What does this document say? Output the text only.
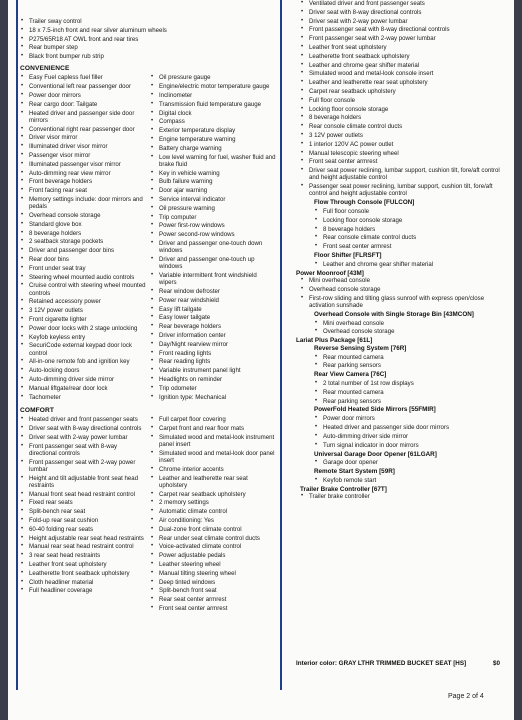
• Trailer sway control
• 18 x 7.5-inch front and rear silver aluminum wheels
• P275/65R18 AT OWL front and rear tires
• Rear bumper step
• Black front bumper rub strip
CONVENIENCE
• Easy Fuel capless fuel filler
• Conventional left rear passenger door
• Power door mirrors
• Rear cargo door: Tailgate
• Heated driver and passenger side door mirrors
• Conventional right rear passenger door
• Driver visor mirror
• Illuminated driver visor mirror
• Passenger visor mirror
• Illuminated passenger visor mirror
• Auto-dimming rear view mirror
• Front beverage holders
• Front facing rear seat
• Memory settings include: door mirrors and pedals
• Overhead console storage
• Standard glove box
• 8 beverage holders
• 2 seatback storage pockets
• Driver and passenger door bins
• Rear door bins
• Front under seat tray
• Steering wheel mounted audio controls
• Cruise control with steering wheel mounted controls
• Retained accessory power
• 3 12V power outlets
• Front cigarette lighter
• Power door locks with 2 stage unlocking
• Keyfob keyless entry
• SecuriCode external keypad door lock control
• All-in-one remote fob and ignition key
• Auto-locking doors
• Auto-dimming driver side mirror
• Manual liftgate/rear door lock
• Tachometer
• Oil pressure gauge
• Engine/electric motor temperature gauge
• Inclinometer
• Transmission fluid temperature gauge
• Digital clock
• Compass
• Exterior temperature display
• Engine temperature warning
• Battery charge warning
• Low level warning for fuel, washer fluid and brake fluid
• Key in vehicle warning
• Bulb failure warning
• Door ajar warning
• Service interval indicator
• Oil pressure warning
• Trip computer
• Power first-row windows
• Power second-row windows
• Driver and passenger one-touch down windows
• Driver and passenger one-touch up windows
• Variable intermittent front windshield wipers
• Rear window defroster
• Power rear windshield
• Easy lift tailgate
• Easy lower tailgate
• Rear beverage holders
• Driver information center
• Day/Night rearview mirror
• Front reading lights
• Rear reading lights
• Variable instrument panel light
• Headlights on reminder
• Trip odometer
• Ignition type: Mechanical
COMFORT
• Heated driver and front passenger seats
• Driver seat with 8-way directional controls
• Driver seat with 2-way power lumbar
• Front passenger seat with 8-way directional controls
• Front passenger seat with 2-way power lumbar
• Height and tilt adjustable front seat head restraints
• Manual front seat head restraint control
• Fixed rear seats
• Split-bench rear seat
• Fold-up rear seat cushion
• 60-40 folding rear seats
• Height adjustable rear seat head restraints
• Manual rear seat head restraint control
• 3 rear seat head restraints
• Leather front seat upholstery
• Leatherette front seatback upholstery
• Cloth headliner material
• Full headliner coverage
• Full carpet floor covering
• Carpet front and rear floor mats
• Simulated wood and metal-look instrument panel insert
• Simulated wood and metal-look door panel insert
• Chrome interior accents
• Leather and leatherette rear seat upholstery
• Carpet rear seatback upholstery
• 2 memory settings
• Automatic climate control
• Air conditioning: Yes
• Dual-zone front climate control
• Rear under seat climate control ducts
• Voice-activated climate control
• Power adjustable pedals
• Leather steering wheel
• Manual tilting steering wheel
• Deep tinted windows
• Split-bench front seat
• Rear seat center armrest
• Front seat center armrest
• Ventilated driver and front passenger seats
• Driver seat with 8-way directional controls
• Driver seat with 2-way power lumbar
• Front passenger seat with 8-way directional controls
• Front passenger seat with 2-way power lumbar
• Leather front seat upholstery
• Leatherette front seatback upholstery
• Leather and chrome gear shifter material
• Simulated wood and metal-look console insert
• Leather and leatherette rear seat upholstery
• Carpet rear seatback upholstery
• Full floor console
• Locking floor console storage
• 8 beverage holders
• Rear console climate control ducts
• 3 12V power outlets
• 1 interior 120V AC power outlet
• Manual telescopic steering wheel
• Front seat center armrest
• Driver seat power reclining, lumbar support, cushion tilt, fore/aft control and height adjustable control
• Passenger seat power reclining, lumbar support, cushion tilt, fore/aft control and height adjustable control
Flow Through Console [FULCON]
• Full floor console
• Locking floor console storage
• 8 beverage holders
• Rear console climate control ducts
• Front seat center armrest
Floor Shifter [FLRSFT]
• Leather and chrome gear shifter material
Power Moonroof [43M]
• Mini overhead console
• Overhead console storage
• First-row sliding and tilting glass sunroof with express open/close activation sunshade
Overhead Console with Single Storage Bin [43MCON]
• Mini overhead console
• Overhead console storage
Lariat Plus Package [61L]
Reverse Sensing System [76R]
• Rear mounted camera
• Rear parking sensors
Rear View Camera [76C]
• 2 total number of 1st row displays
• Rear mounted camera
• Rear parking sensors
PowerFold Heated Side Mirrors [55FMIR]
• Power door mirrors
• Heated driver and passenger side door mirrors
• Auto-dimming driver side mirror
• Turn signal indicator in door mirrors
Universal Garage Door Opener [61LGAR]
• Garage door opener
Remote Start System [59R]
• Keyfob remote start
Trailer Brake Controller [67T]
• Trailer brake controller
Interior color: GRAY LTHR TRIMMED BUCKET SEAT [HS]	$0
Page 2 of 4
